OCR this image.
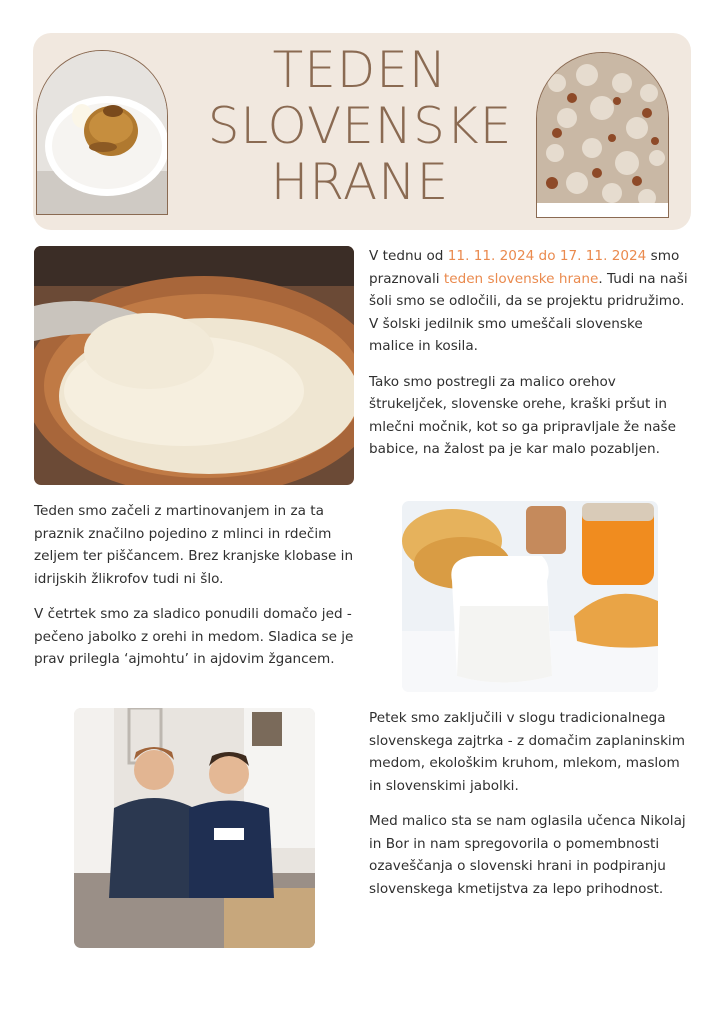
TEDEN
SLOVENSKE
HRANE

V tednu od 11. 11. 2024 do 17. 11. 2024 smo praznovali teden slovenske hrane. Tudi na naši šoli smo se odločili, da se projektu pridružimo. V šolski jedilnik smo umeščali slovenske malice in kosila.

Tako smo postregli za malico orehov štrukeljček, slovenske orehe, kraški pršut in mlečni močnik, kot so ga pripravljale že naše babice, na žalost pa je kar malo pozabljen.

Teden smo začeli z martinovanjem in za ta praznik značilno pojedino z mlinci in rdečim zeljem ter piščancem. Brez kranjske klobase in idrijskih žlikrofov tudi ni šlo.

V četrtek smo za sladico ponudili domačo jed - pečeno jabolko z orehi in medom. Sladica se je prav prilegla ‘ajmohtu’ in ajdovim žgancem.

Petek smo zaključili v slogu tradicionalnega slovenskega zajtrka - z domačim zaplaninskim medom, ekološkim kruhom, mlekom, maslom in slovenskimi jabolki.

Med malico sta se nam oglasila učenca Nikolaj in Bor in nam spregovorila o pomembnosti ozaveščanja o slovenski hrani in podpiranju slovenskega kmetijstva za lepo prihodnost.
